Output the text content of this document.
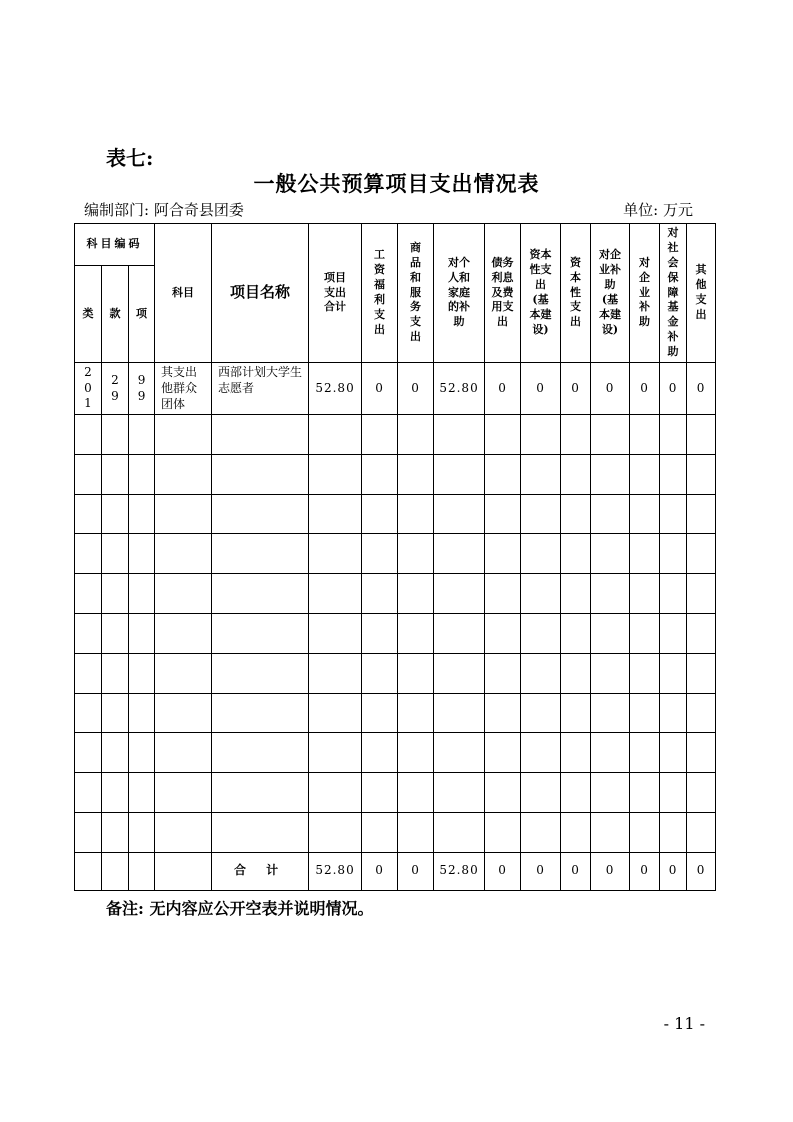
表七:
一般公共预算项目支出情况表
编制部门: 阿合奇县团委	单位: 万元
科目编码			科目	项目名称	项目支出合计	工资福利支出	商品和服务支出	对个人和家庭的补助	债务利息及费用支出	资本性支出(基本建设)	资本性支出	对企业补助(基本建设)	对企业补助	对社会保障基金补助	其他支出
类	款	项													
201	29	99	其支出他群众团体	西部计划大学生志愿者	52.80	0	0	52.80	0	0	0	0	0	0	0

				合 计	52.80	0	0	52.80	0	0	0	0	0	0	0
备注: 无内容应公开空表并说明情况。
- 11 -
